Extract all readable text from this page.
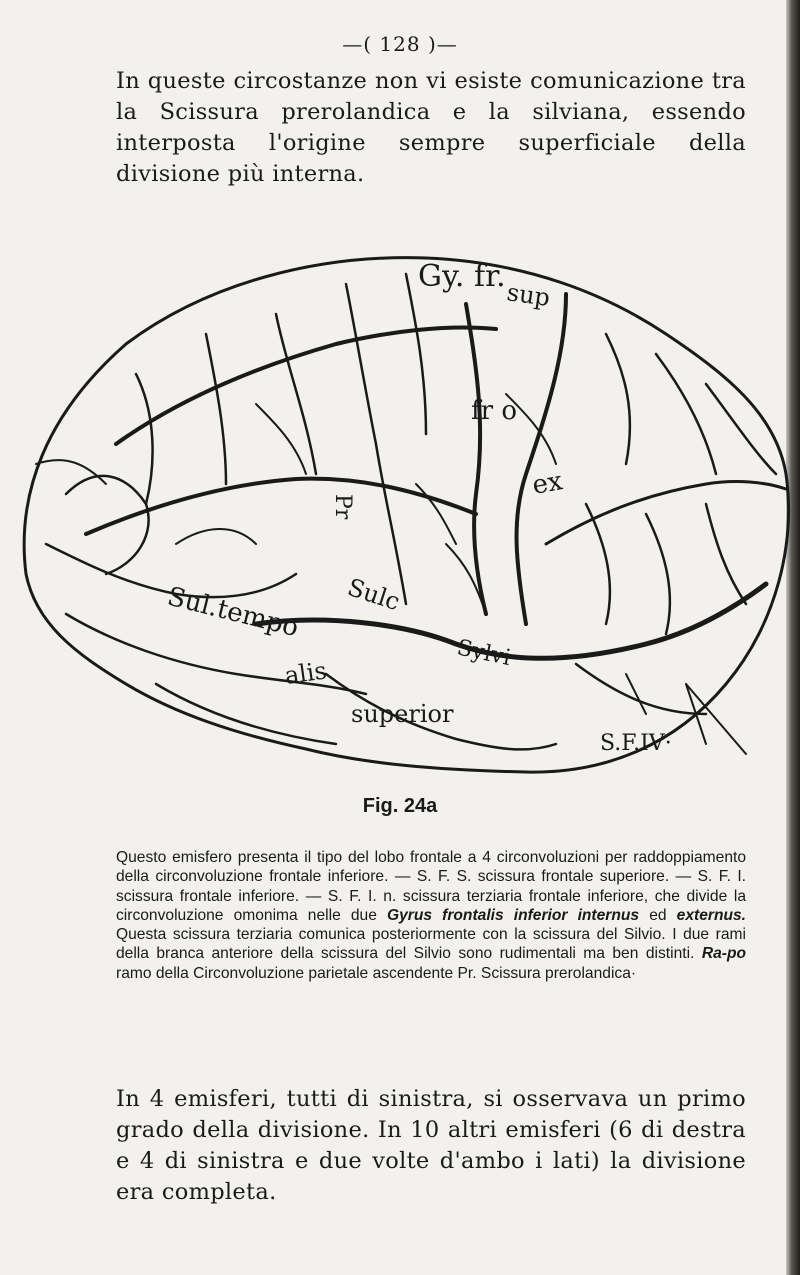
—( 128 )—
In queste circostanze non vi esiste comunicazione tra la Scissura prerolandica e la silviana, essendo interposta l'origine sempre superficiale della divisione più interna.
Gy. fr.
sup
fr o
ex
Sul.tempo
alis
Sulc
Sylvi
superior
S.F.IV·
Pr
Fig. 24a
Questo emisfero presenta il tipo del lobo frontale a 4 circonvoluzioni per raddoppiamento della circonvoluzione frontale inferiore. — S. F. S. scissura frontale superiore. — S. F. I. scissura frontale inferiore. — S. F. I. n. scissura terziaria frontale inferiore, che divide la circonvoluzione omonima nelle due Gyrus frontalis inferior internus ed externus. Questa scissura terziaria comunica posteriormente con la scissura del Silvio. I due rami della branca anteriore della scissura del Silvio sono rudimentali ma ben distinti. Ra-po ramo della Circonvoluzione parietale ascendente Pr. Scissura prerolandica·
In 4 emisferi, tutti di sinistra, si osservava un primo grado della divisione. In 10 altri emisferi (6 di destra e 4 di sinistra e due volte d'ambo i lati) la divisione era completa.
